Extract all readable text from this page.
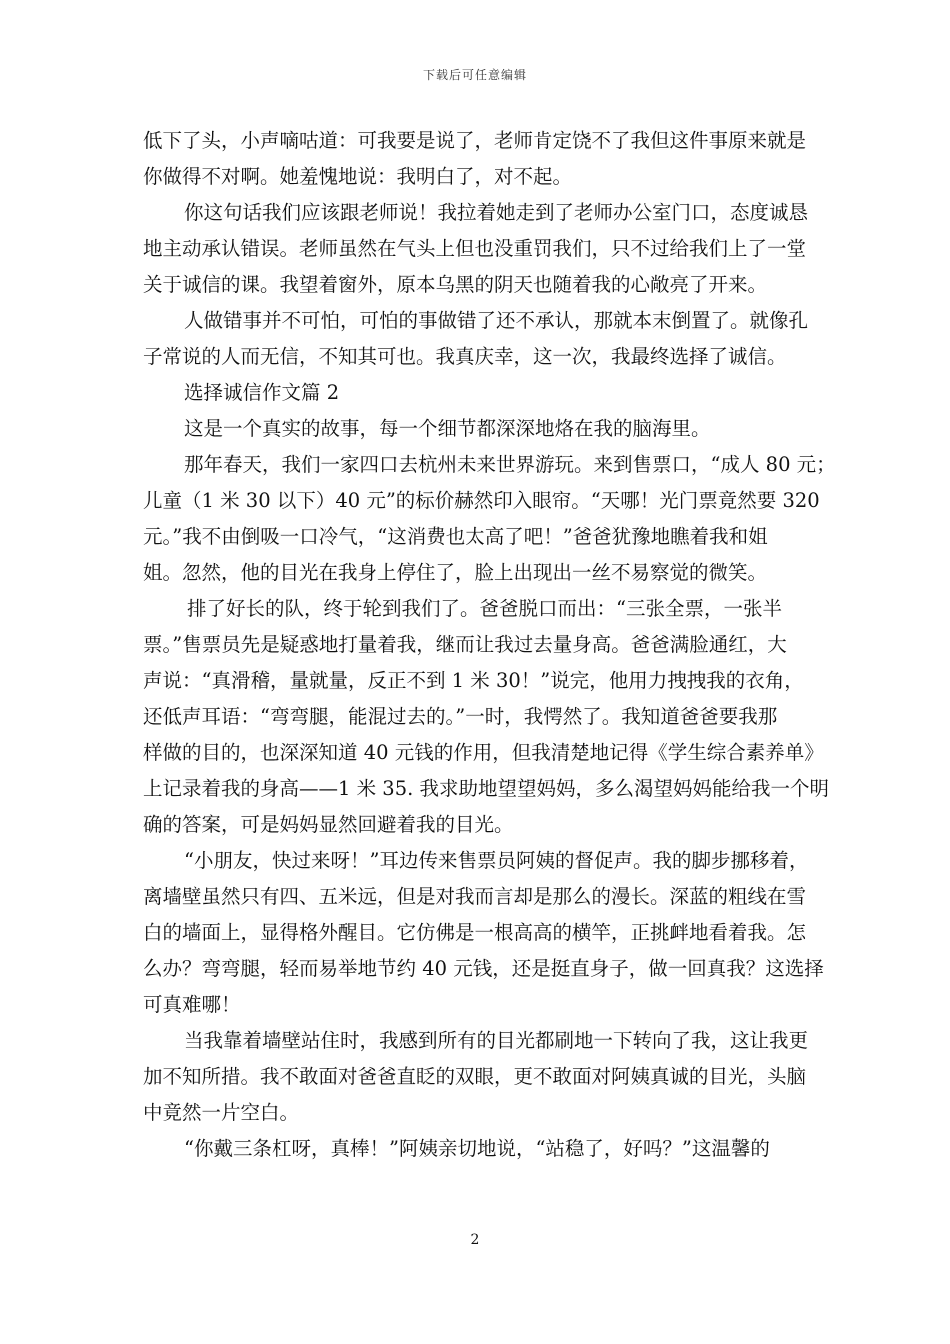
下载后可任意编辑
低下了头，小声嘀咕道：可我要是说了，老师肯定饶不了我但这件事原来就是
你做得不对啊。她羞愧地说：我明白了，对不起。
你这句话我们应该跟老师说！我拉着她走到了老师办公室门口，态度诚恳
地主动承认错误。老师虽然在气头上但也没重罚我们，只不过给我们上了一堂
关于诚信的课。我望着窗外，原本乌黑的阴天也随着我的心敞亮了开来。
人做错事并不可怕，可怕的事做错了还不承认，那就本末倒置了。就像孔
子常说的人而无信，不知其可也。我真庆幸，这一次，我最终选择了诚信。
选择诚信作文篇 2
这是一个真实的故事，每一个细节都深深地烙在我的脑海里。
那年春天，我们一家四口去杭州未来世界游玩。来到售票口，“成人 80 元；
儿童（1 米 30 以下）40 元”的标价赫然印入眼帘。“天哪！光门票竟然要 320
元。”我不由倒吸一口冷气，“这消费也太高了吧！”爸爸犹豫地瞧着我和姐
姐。忽然，他的目光在我身上停住了，脸上出现出一丝不易察觉的微笑。
排了好长的队，终于轮到我们了。爸爸脱口而出：“三张全票，一张半
票。”售票员先是疑惑地打量着我，继而让我过去量身高。爸爸满脸通红，大
声说：“真滑稽，量就量，反正不到 1 米 30！”说完，他用力拽拽我的衣角，
还低声耳语：“弯弯腿，能混过去的。”一时，我愕然了。我知道爸爸要我那
样做的目的，也深深知道 40 元钱的作用，但我清楚地记得《学生综合素养单》
上记录着我的身高——1 米 35. 我求助地望望妈妈，多么渴望妈妈能给我一个明
确的答案，可是妈妈显然回避着我的目光。
“小朋友，快过来呀！”耳边传来售票员阿姨的督促声。我的脚步挪移着，
离墙壁虽然只有四、五米远，但是对我而言却是那么的漫长。深蓝的粗线在雪
白的墙面上，显得格外醒目。它仿佛是一根高高的横竿，正挑衅地看着我。怎
么办？弯弯腿，轻而易举地节约 40 元钱，还是挺直身子，做一回真我？这选择
可真难哪！
当我靠着墙壁站住时，我感到所有的目光都刷地一下转向了我，这让我更
加不知所措。我不敢面对爸爸直眨的双眼，更不敢面对阿姨真诚的目光，头脑
中竟然一片空白。
“你戴三条杠呀，真棒！”阿姨亲切地说，“站稳了，好吗？”这温馨的
2
